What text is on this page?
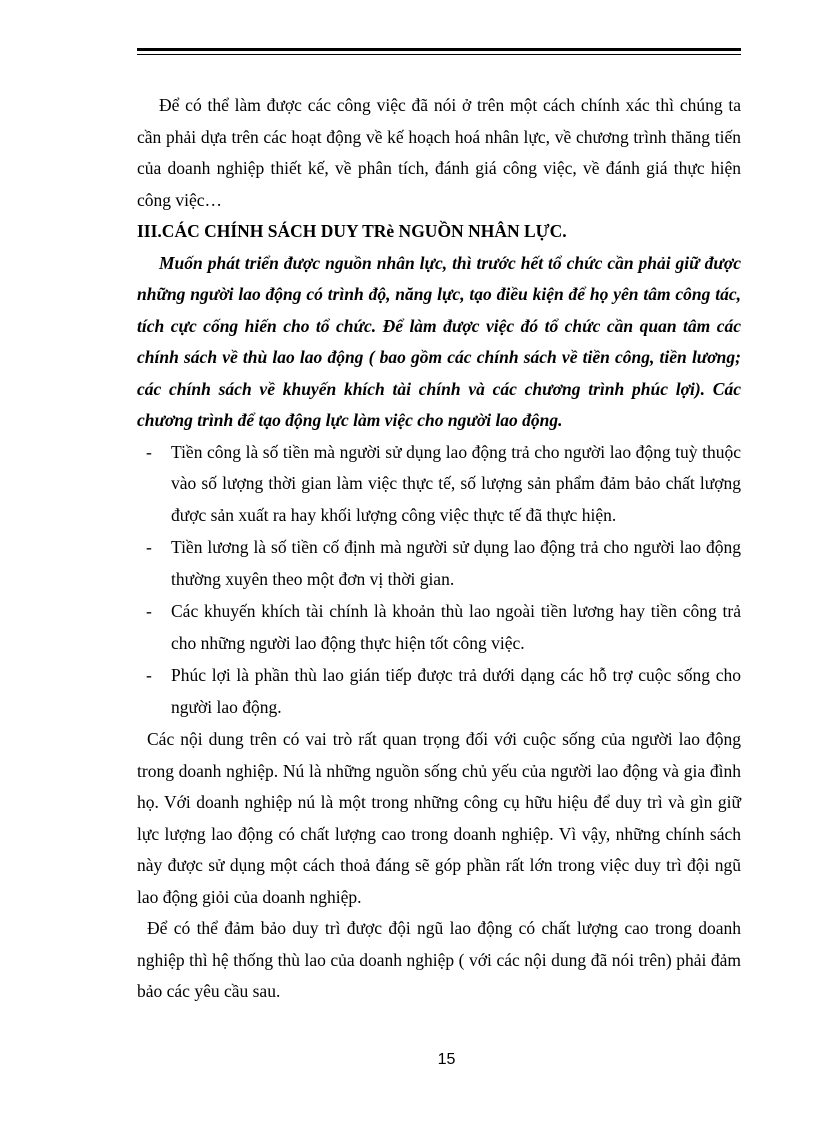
Để có thể làm được các công việc đã nói ở trên một cách chính xác thì chúng ta cần phải dựa trên các hoạt động về kế hoạch hoá nhân lực, về chương trình thăng tiến của doanh nghiệp thiết kế, về phân tích, đánh giá công việc, về đánh giá thực hiện công việc…

III.CÁC CHÍNH SÁCH DUY TRè NGUỒN NHÂN LỰC.

Muốn phát triển được nguồn nhân lực, thì trước hết tổ chức cần phải giữ được những người lao động có trình độ, năng lực, tạo điều kiện để họ yên tâm công tác, tích cực cống hiến cho tổ chức. Để làm được việc đó tổ chức cần quan tâm các chính sách về thù lao lao động ( bao gồm các chính sách về tiền công, tiền lương; các chính sách về khuyến khích tài chính và các chương trình phúc lợi). Các chương trình để tạo động lực làm việc cho người lao động.

- Tiền công là số tiền mà người sử dụng lao động trả cho người lao động tuỳ thuộc vào số lượng thời gian làm việc thực tế, số lượng sản phẩm đảm bảo chất lượng được sản xuất ra hay khối lượng công việc thực tế đã thực hiện.
- Tiền lương là số tiền cố định mà người sử dụng lao động trả cho người lao động thường xuyên theo một đơn vị thời gian.
- Các khuyến khích tài chính là khoản thù lao ngoài tiền lương hay tiền công trả cho những người lao động thực hiện tốt công việc.
- Phúc lợi là phần thù lao gián tiếp được trả dưới dạng các hỗ trợ cuộc sống cho người lao động.

Các nội dung trên có vai trò rất quan trọng đối với cuộc sống của người lao động trong doanh nghiệp. Nú là những nguồn sống chủ yếu của người lao động và gia đình họ. Với doanh nghiệp nú là một trong những công cụ hữu hiệu để duy trì và gìn giữ lực lượng lao động có chất lượng cao trong doanh nghiệp. Vì vậy, những chính sách này được sử dụng một cách thoả đáng sẽ góp phần rất lớn trong việc duy trì đội ngũ lao động giỏi của doanh nghiệp.

Để có thể đảm bảo duy trì được đội ngũ lao động có chất lượng cao trong doanh nghiệp thì hệ thống thù lao của doanh nghiệp ( với các nội dung đã nói trên) phải đảm bảo các yêu cầu sau.

15
